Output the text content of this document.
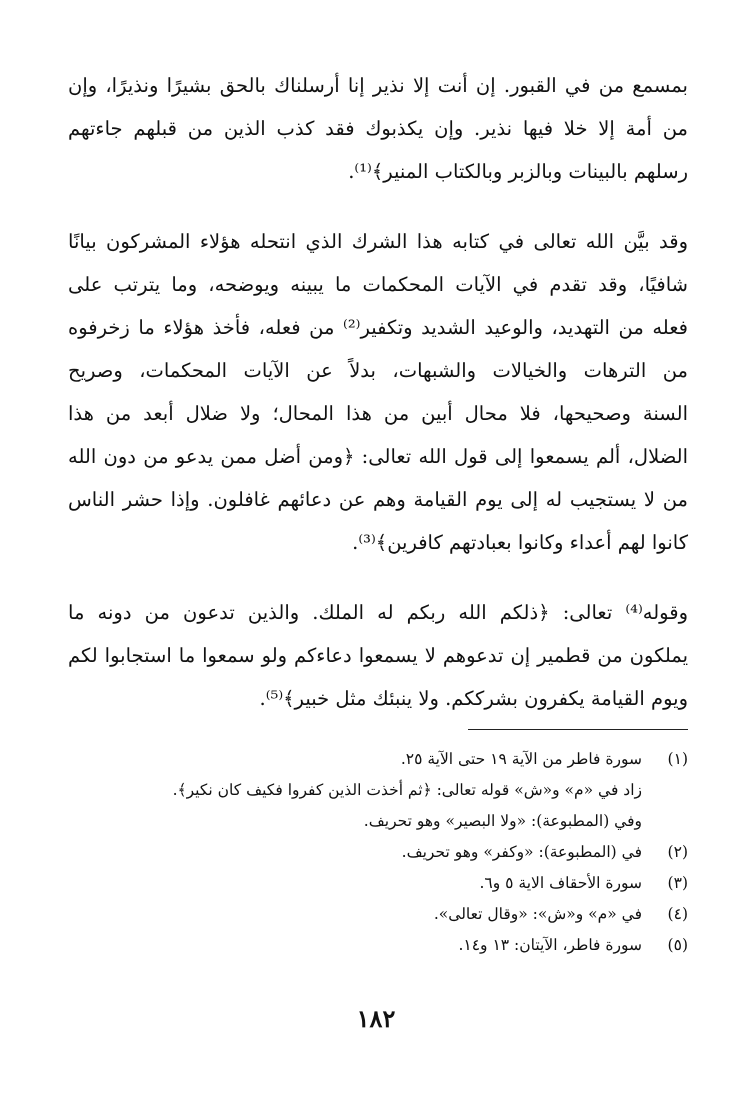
بمسمع من في القبور. إن أنت إلا نذير إنا أرسلناك بالحق بشيرًا ونذيرًا، وإن
من أمة إلا خلا فيها نذير. وإن يكذبوك فقد كذب الذين من قبلهم جاءتهم
رسلهم بالبينات وبالزبر وبالكتاب المنير﴾⁽¹⁾.
وقد بيَّن الله تعالى في كتابه هذا الشرك الذي انتحله هؤلاء المشركون بيانًا
شافيًا، وقد تقدم في الآيات المحكمات ما يبينه ويوضحه، وما يترتب على
فعله من التهديد، والوعيد الشديد وتكفير⁽²⁾ من فعله، فأخذ هؤلاء ما زخرفوه
من الترهات والخيالات والشبهات، بدلاً عن الآيات المحكمات، وصريح
السنة وصحيحها، فلا محال أبين من هذا المحال؛ ولا ضلال أبعد من هذا
الضلال، ألم يسمعوا إلى قول الله تعالى: ﴿ومن أضل ممن يدعو من دون الله
من لا يستجيب له إلى يوم القيامة وهم عن دعائهم غافلون. وإذا حشر الناس
كانوا لهم أعداء وكانوا بعبادتهم كافرين﴾⁽³⁾.
وقوله⁽⁴⁾ تعالى: ﴿ذلكم الله ربكم له الملك. والذين تدعون من دونه ما
يملكون من قطمير إن تدعوهم لا يسمعوا دعاءكم ولو سمعوا ما استجابوا لكم
ويوم القيامة يكفرون بشرككم. ولا ينبئك مثل خبير﴾⁽⁵⁾.
(١)
سورة فاطر من الآية ١٩ حتى الآية ٢٥.
زاد في «م» و«ش» قوله تعالى: ﴿ثم أخذت الذين كفروا فكيف كان نكير﴾.
وفي (المطبوعة): «ولا البصير» وهو تحريف.
(٢)
في (المطبوعة): «وكفر» وهو تحريف.
(٣)
سورة الأحقاف الاية ٥ و٦.
(٤)
في «م» و«ش»: «وقال تعالى».
(٥)
سورة فاطر، الآيتان: ١٣ و١٤.
١٨٢
